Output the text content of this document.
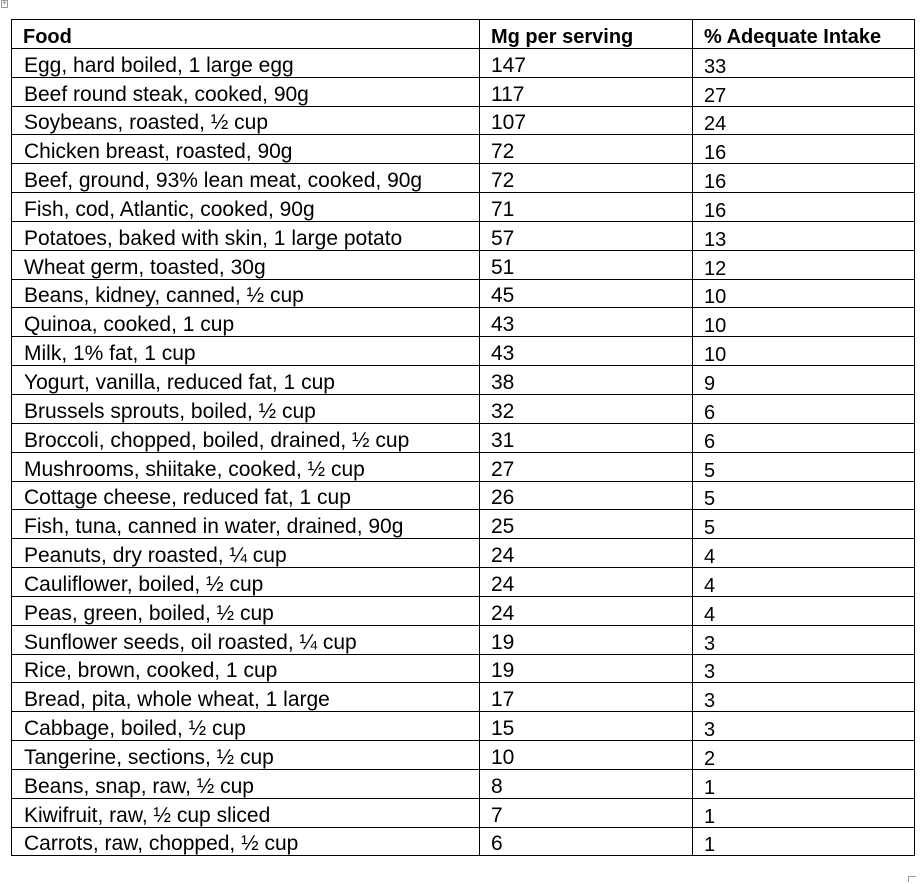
+
Food	Mg per serving	% Adequate Intake
Egg, hard boiled, 1 large egg	147	33
Beef round steak, cooked, 90g	117	27
Soybeans, roasted, ½ cup	107	24
Chicken breast, roasted, 90g	72	16
Beef, ground, 93% lean meat, cooked, 90g	72	16
Fish, cod, Atlantic, cooked, 90g	71	16
Potatoes, baked with skin, 1 large potato	57	13
Wheat germ, toasted, 30g	51	12
Beans, kidney, canned, ½ cup	45	10
Quinoa, cooked, 1 cup	43	10
Milk, 1% fat, 1 cup	43	10
Yogurt, vanilla, reduced fat, 1 cup	38	9
Brussels sprouts, boiled, ½ cup	32	6
Broccoli, chopped, boiled, drained, ½ cup	31	6
Mushrooms, shiitake, cooked, ½ cup	27	5
Cottage cheese, reduced fat, 1 cup	26	5
Fish, tuna, canned in water, drained, 90g	25	5
Peanuts, dry roasted, ¼ cup	24	4
Cauliflower, boiled, ½ cup	24	4
Peas, green, boiled, ½ cup	24	4
Sunflower seeds, oil roasted, ¼ cup	19	3
Rice, brown, cooked, 1 cup	19	3
Bread, pita, whole wheat, 1 large	17	3
Cabbage, boiled, ½ cup	15	3
Tangerine, sections, ½ cup	10	2
Beans, snap, raw, ½ cup	8	1
Kiwifruit, raw, ½ cup sliced	7	1
Carrots, raw, chopped, ½ cup	6	1
